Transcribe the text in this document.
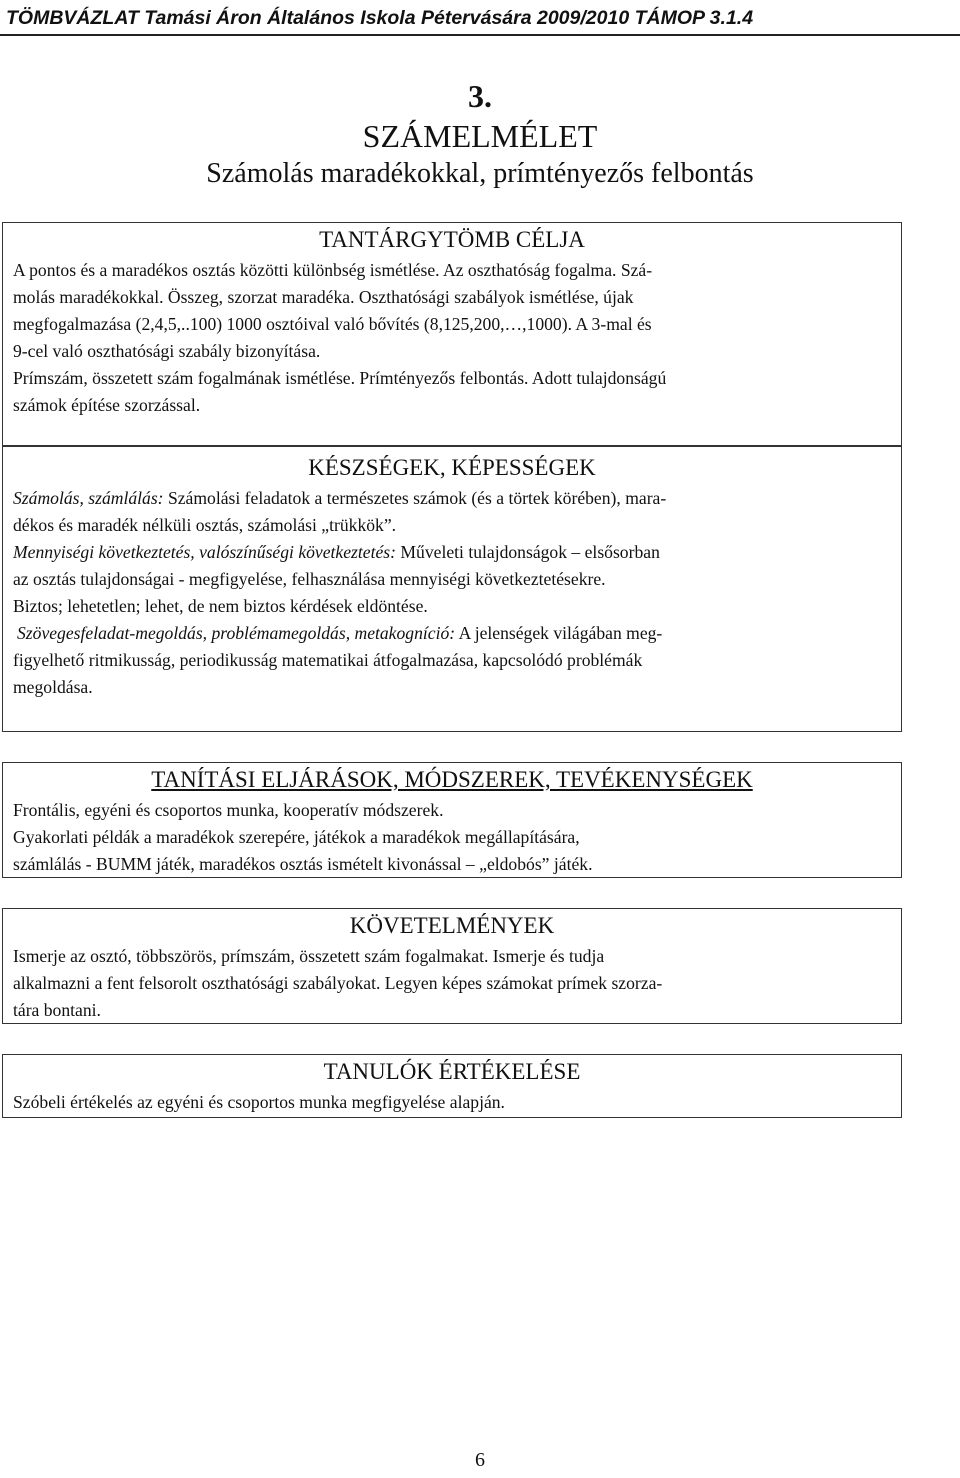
TÖMBVÁZLAT Tamási Áron Általános Iskola Pétervására 2009/2010 TÁMOP 3.1.4
3.
SZÁMELMÉLET
Számolás maradékokkal, prímtényezős felbontás
TANTÁRGYTÖMB CÉLJA

A pontos és a maradékos osztás közötti különbség ismétlése. Az oszthatóság fogalma. Szá-

molás maradékokkal. Összeg, szorzat maradéka. Oszthatósági szabályok ismétlése, újak

megfogalmazása (2,4,5,..100) 1000 osztóival való bővítés (8,125,200,…,1000). A 3-mal és

9-cel való oszthatósági szabály bizonyítása.

Prímszám, összetett szám fogalmának ismétlése. Prímtényezős felbontás. Adott tulajdonságú

számok építése szorzással.

KÉSZSÉGEK, KÉPESSÉGEK

Számolás, számlálás: Számolási feladatok a természetes számok (és a törtek körében), mara-

dékos és maradék nélküli osztás, számolási „trükkök”.

Mennyiségi következtetés, valószínűségi következtetés: Műveleti tulajdonságok – elsősorban

az osztás tulajdonságai - megfigyelése, felhasználása mennyiségi következtetésekre.

Biztos; lehetetlen; lehet, de nem biztos kérdések eldöntése.

Szövegesfeladat-megoldás, problémamegoldás, metakogníció: A jelenségek világában meg-

figyelhető ritmikusság, periodikusság matematikai átfogalmazása, kapcsolódó problémák

megoldása.

TANÍTÁSI ELJÁRÁSOK, MÓDSZEREK, TEVÉKENYSÉGEK

Frontális, egyéni és csoportos munka, kooperatív módszerek.

Gyakorlati példák a maradékok szerepére, játékok a maradékok megállapítására,

számlálás - BUMM játék, maradékos osztás ismételt kivonással – „eldobós” játék.

KÖVETELMÉNYEK

Ismerje az osztó, többszörös, prímszám, összetett szám fogalmakat. Ismerje és tudja

alkalmazni a fent felsorolt oszthatósági szabályokat. Legyen képes számokat prímek szorza-

tára bontani.

TANULÓK ÉRTÉKELÉSE

Szóbeli értékelés az egyéni és csoportos munka megfigyelése alapján.

6
